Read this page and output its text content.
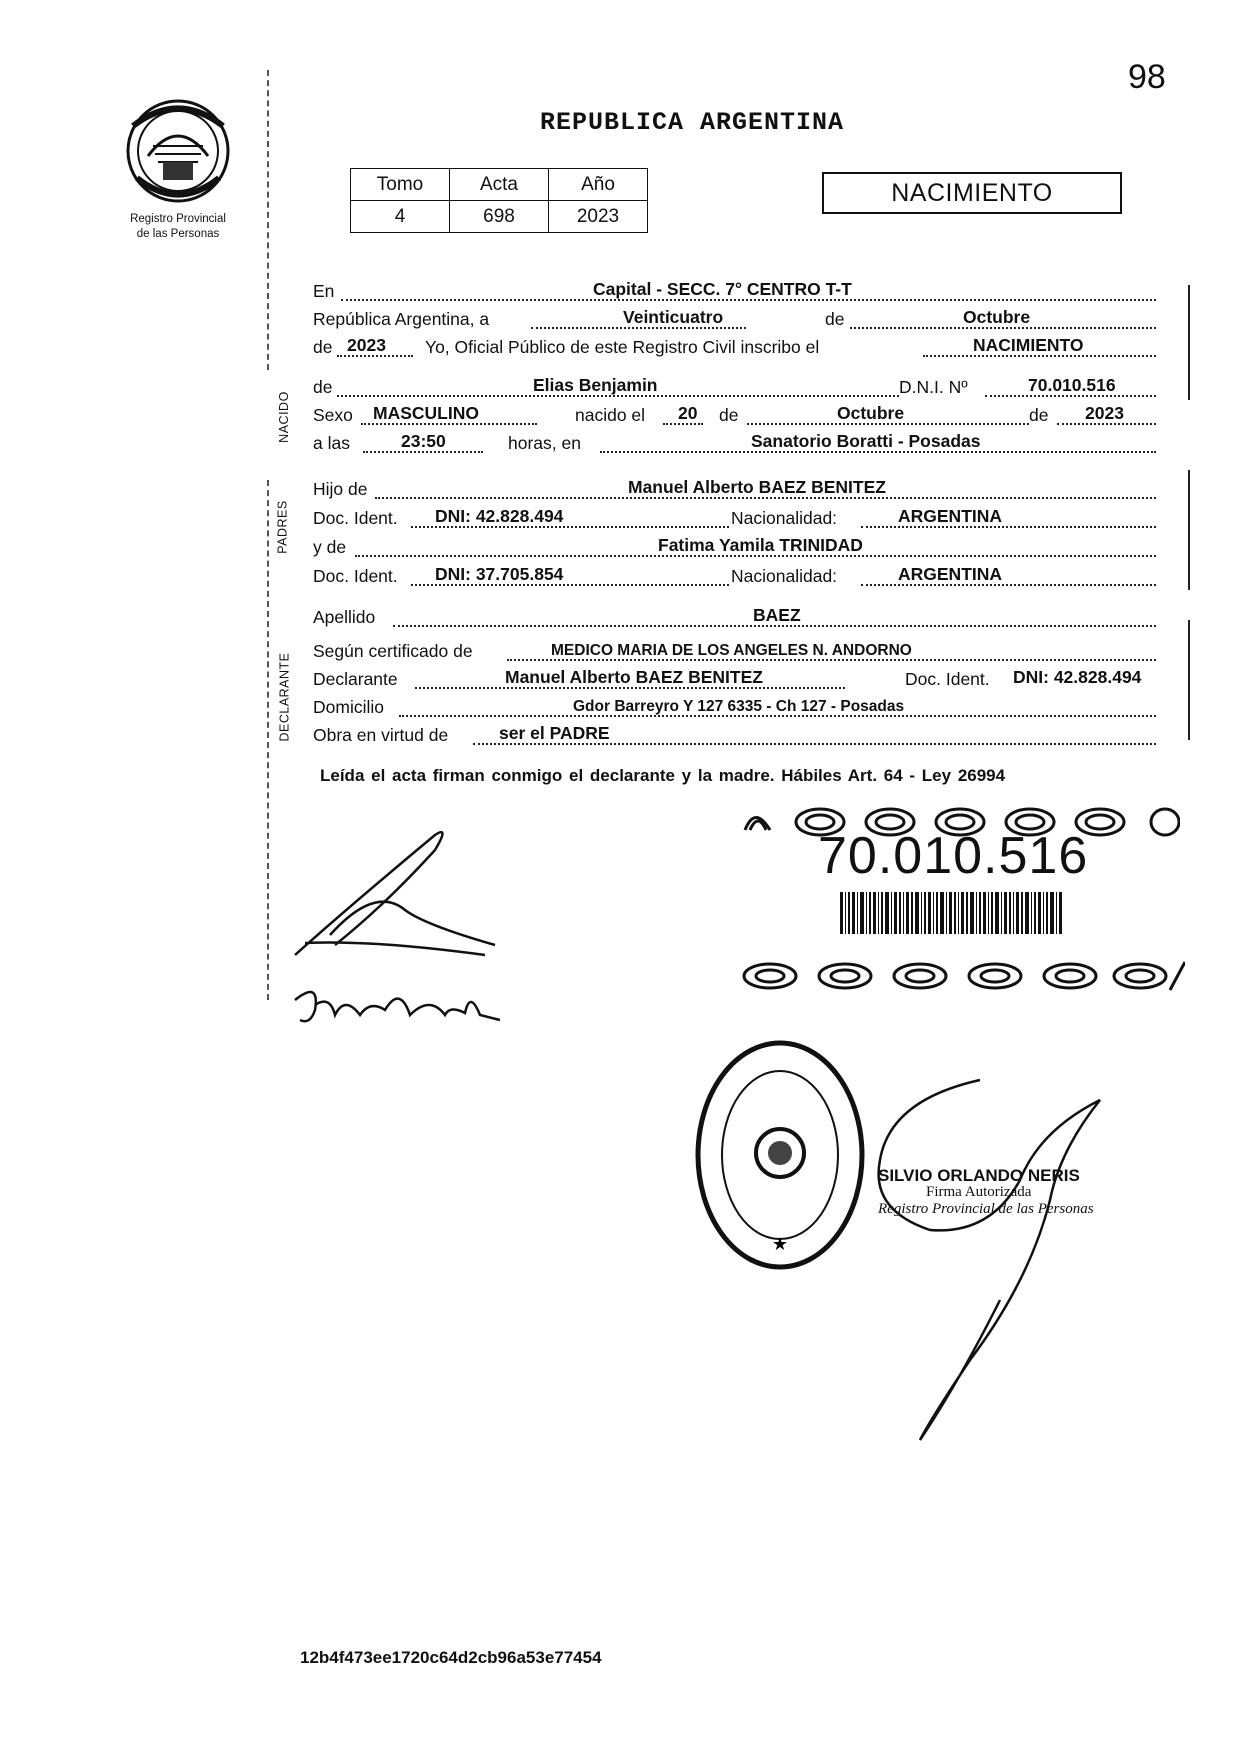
98
Registro Provincial
de las Personas
REPUBLICA ARGENTINA
Tomo	Acta	Año
4	698	2023
NACIMIENTO
NACIDO
PADRES
DECLARANTE
En	Capital - SECC. 7° CENTRO T-T
República Argentina, a	Veinticuatro	de	Octubre
de 2023 Yo, Oficial Público de este Registro Civil inscribo el	NACIMIENTO
de	Elias Benjamin	D.N.I. Nº	70.010.516
Sexo MASCULINO	nacido el 20 de	Octubre	de 2023
a las	23:50	horas, en	Sanatorio Boratti - Posadas
Hijo de	Manuel Alberto BAEZ BENITEZ
Doc. Ident. DNI: 42.828.494	Nacionalidad:	ARGENTINA
y de	Fatima Yamila TRINIDAD
Doc. Ident. DNI: 37.705.854	Nacionalidad:	ARGENTINA
Apellido	BAEZ
Según certificado de	MEDICO MARIA DE LOS ANGELES N. ANDORNO
Declarante	Manuel Alberto BAEZ BENITEZ	Doc. Ident. DNI: 42.828.494
Domicilio	Gdor Barreyro Y 127 6335 - Ch 127 - Posadas
Obra en virtud de	ser el PADRE
Leída el acta firman conmigo el declarante y la madre. Hábiles Art. 64 - Ley 26994
70.010.516
★
SILVIO ORLANDO NERIS
Firma Autorizada
Registro Provincial de las Personas
12b4f473ee1720c64d2cb96a53e77454
